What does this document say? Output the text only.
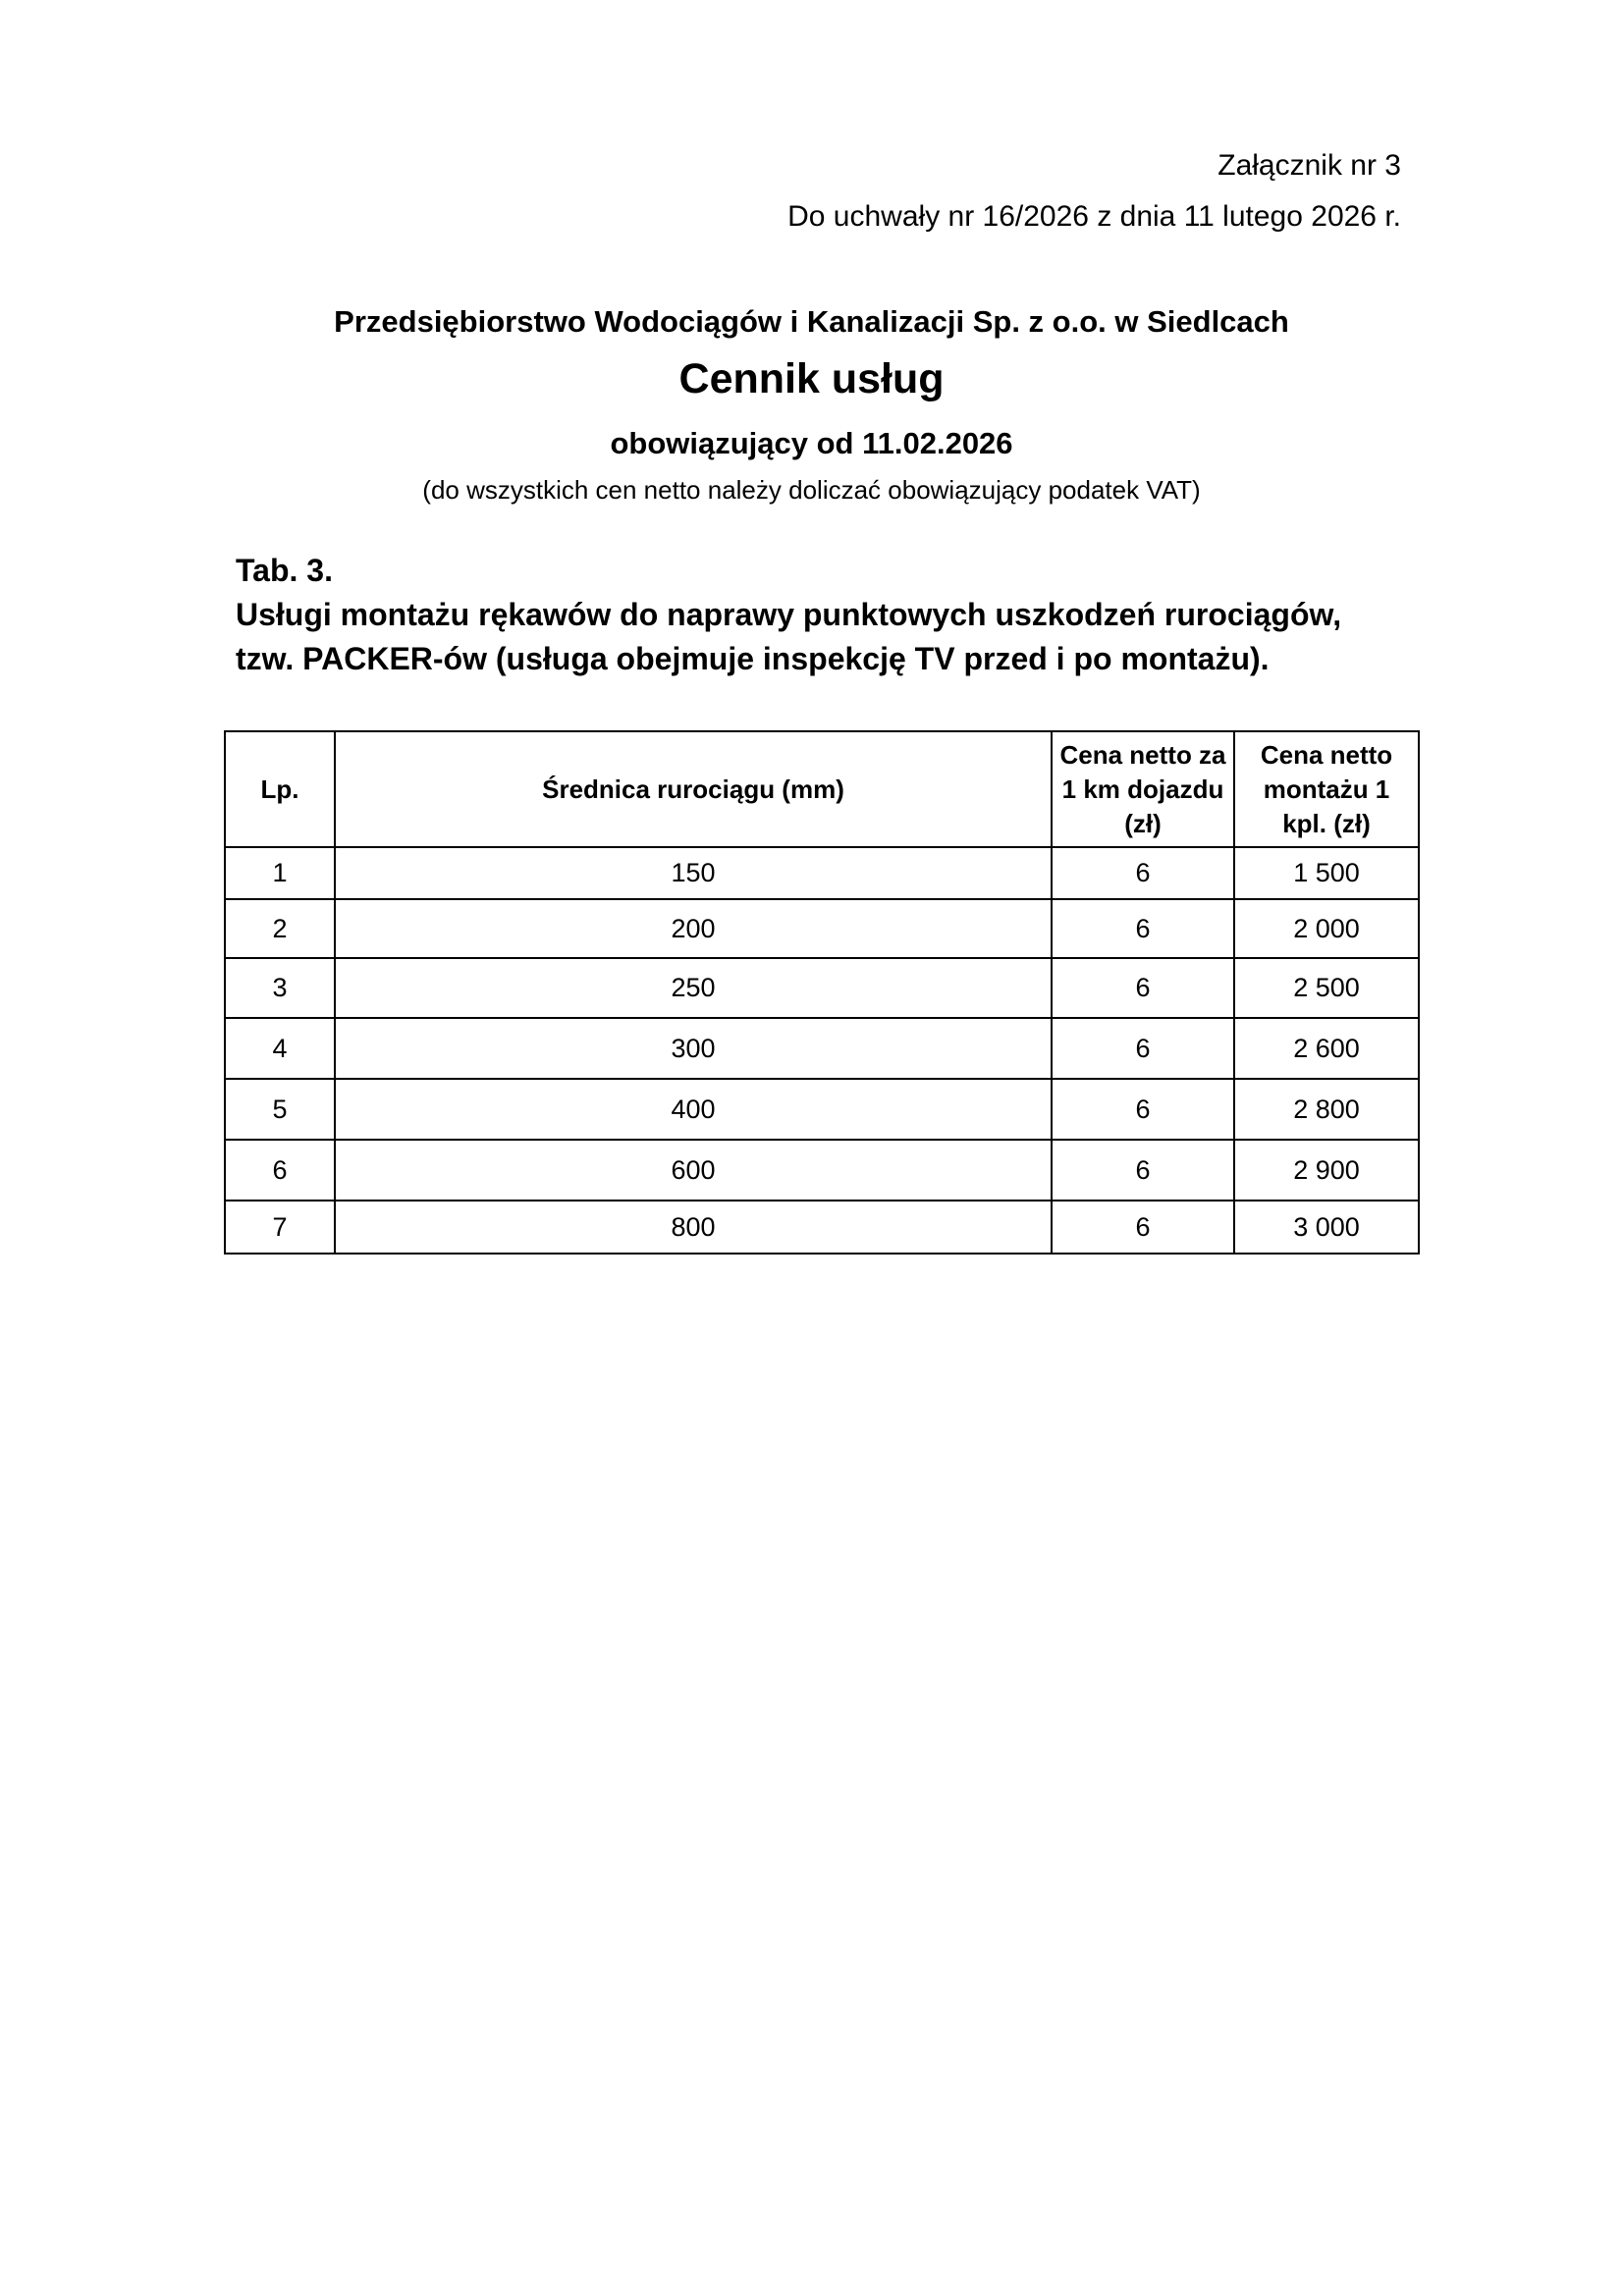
Załącznik nr 3
Do uchwały nr 16/2026 z dnia 11 lutego 2026 r.
Przedsiębiorstwo Wodociągów i Kanalizacji Sp. z o.o. w Siedlcach
Cennik usług
obowiązujący od 11.02.2026
(do wszystkich cen netto należy doliczać obowiązujący podatek VAT)
Tab. 3.
Usługi montażu rękawów do naprawy punktowych uszkodzeń rurociągów,
tzw. PACKER-ów (usługa obejmuje inspekcję TV przed i po montażu).
Lp.	Średnica rurociągu (mm)	Cena netto za 1 km dojazdu (zł)	Cena netto montażu 1 kpl. (zł)
1	150	6	1 500
2	200	6	2 000
3	250	6	2 500
4	300	6	2 600
5	400	6	2 800
6	600	6	2 900
7	800	6	3 000
